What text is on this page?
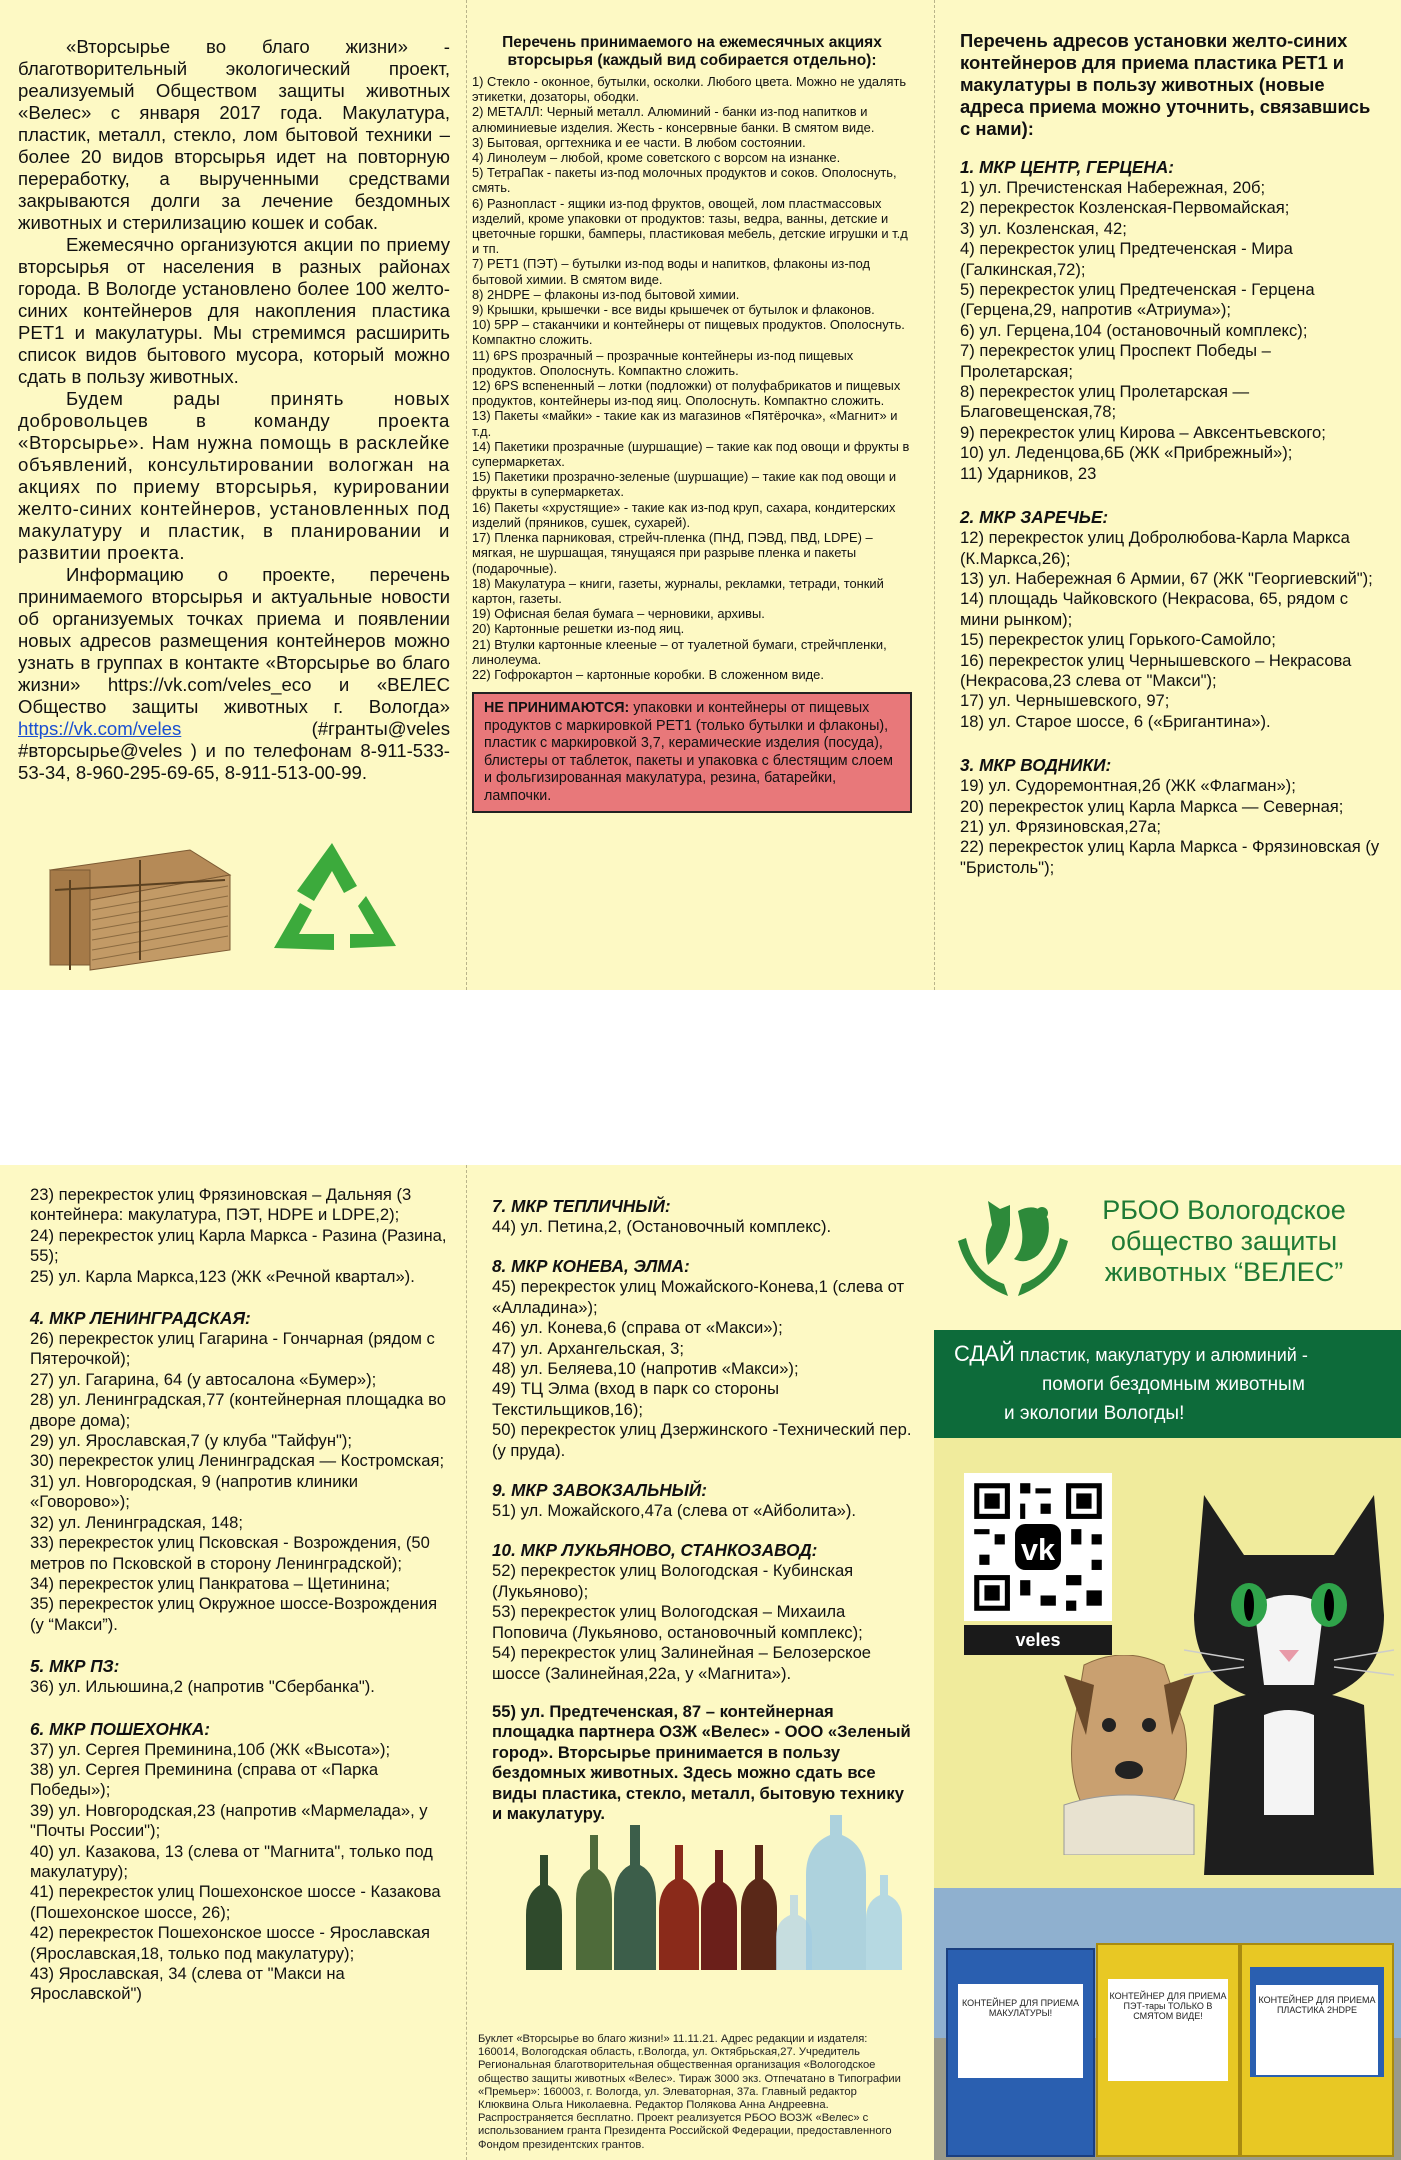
«Вторсырье во благо жизни» - благотворительный экологический проект, реализуемый Обществом защиты животных «Велес» с января 2017 года. Макулатура, пластик, металл, стекло, лом бытовой техники – более 20 видов вторсырья идет на повторную переработку, а вырученными средствами закрываются долги за лечение бездомных животных и стерилизацию кошек и собак.

Ежемесячно организуются акции по приему вторсырья от населения в разных районах города. В Вологде установлено более 100 желто-синих контейнеров для накопления пластика PET1 и макулатуры. Мы стремимся расширить список видов бытового мусора, который можно сдать в пользу животных.

Будем рады принять новых добровольцев в команду проекта «Вторсырье». Нам нужна помощь в расклейке объявлений, консультировании вологжан на акциях по приему вторсырья, курировании желто-синих контейнеров, установленных под макулатуру и пластик, в планировании и развитии проекта.

Информацию о проекте, перечень принимаемого вторсырья и актуальные новости об организуемых точках приема и появлении новых адресов размещения контейнеров можно узнать в группах в контакте «Вторсырье во благо жизни» https://vk.com/veles_eco и «ВЕЛЕС Общество защиты животных г. Вологда» https://vk.com/veles	(#гранты@veles #вторсырье@veles ) и по телефонам 8-911-533-53-34, 8-960-295-69-65, 8-911-513-00-99.

Перечень принимаемого на ежемесячных акциях вторсырья (каждый вид собирается отдельно):

1) Стекло - оконное, бутылки, осколки. Любого цвета. Можно не удалять этикетки, дозаторы, ободки.

2) МЕТАЛЛ: Черный металл. Алюминий - банки из-под напитков и алюминиевые изделия. Жесть - консервные банки. В смятом виде.

3) Бытовая, оргтехника и ее части. В любом состоянии.

4) Линолеум – любой, кроме советского с ворсом на изнанке.

5) ТетраПак - пакеты из-под молочных продуктов и соков. Ополоснуть, смять.

6) Разнопласт - ящики из-под фруктов, овощей, лом пластмассовых изделий, кроме упаковки от продуктов: тазы, ведра, ванны, детские и цветочные горшки, бамперы, пластиковая мебель, детские игрушки и т.д и тп.

7) PET1 (ПЭТ) – бутылки из-под воды и напитков, флаконы из-под бытовой химии. В смятом виде.

8) 2HDPE – флаконы из-под бытовой химии.

9) Крышки, крышечки - все виды крышечек от бутылок и флаконов.

10) 5PP – стаканчики и контейнеры от пищевых продуктов. Ополоснуть. Компактно сложить.

11) 6PS прозрачный – прозрачные контейнеры из-под пищевых продуктов. Ополоснуть. Компактно сложить.

12) 6PS вспененный – лотки (подложки) от полуфабрикатов и пищевых продуктов, контейнеры из-под яиц. Ополоснуть. Компактно сложить.

13) Пакеты «майки» - такие как из магазинов «Пятёрочка», «Магнит» и т.д.

14) Пакетики прозрачные (шуршащие) – такие как под овощи и фрукты в супермаркетах.

15) Пакетики прозрачно-зеленые (шуршащие) – такие как под овощи и фрукты в супермаркетах.

16) Пакеты «хрустящие» - такие как из-под круп, сахара, кондитерских изделий (пряников, сушек, сухарей).

17) Пленка парниковая, стрейч-пленка (ПНД, ПЭВД, ПВД, LDPE) – мягкая, не шуршащая, тянущаяся при разрыве пленка и пакеты (подарочные).

18) Макулатура – книги, газеты, журналы, рекламки, тетради, тонкий картон, газеты.

19) Офисная белая бумага – черновики, архивы.

20) Картонные решетки из-под яиц.

21) Втулки картонные клееные – от туалетной бумаги, стрейчпленки, линолеума.

22) Гофрокартон – картонные коробки. В сложенном виде.

НЕ ПРИНИМАЮТСЯ: упаковки и контейнеры от пищевых продуктов с маркировкой PET1 (только бутылки и флаконы), пластик с маркировкой 3,7, керамические изделия (посуда), блистеры от таблеток, пакеты и упаковка с блестящим слоем и фольгизированная макулатура, резина, батарейки, лампочки.

Перечень адресов установки желто-синих контейнеров для приема пластика PET1 и макулатуры в пользу животных (новые адреса приема можно уточнить, связавшись с нами):

1. МКР ЦЕНТР, ГЕРЦЕНА:

1) ул. Пречистенская Набережная, 20б;

2) перекресток Козленская-Первомайская;

3) ул. Козленская, 42;

4) перекресток улиц Предтеченская - Мира (Галкинская,72);

5) перекресток улиц Предтеченская - Герцена (Герцена,29, напротив «Атриума»);

6) ул. Герцена,104 (остановочный комплекс);

7) перекресток улиц Проспект Победы – Пролетарская;

8) перекресток улиц Пролетарская — Благовещенская,78;

9) перекресток улиц Кирова – Авксентьевского;

10) ул. Леденцова,6Б (ЖК «Прибрежный»);

11) Ударников, 23

2. МКР ЗАРЕЧЬЕ:

12) перекресток улиц Добролюбова-Карла Маркса (К.Маркса,26);

13) ул. Набережная 6 Армии, 67 (ЖК "Георгиевский");

14) площадь Чайковского (Некрасова, 65, рядом с мини рынком);

15) перекресток улиц Горького-Самойло;

16) перекресток улиц Чернышевского – Некрасова (Некрасова,23 слева от "Макси");

17) ул. Чернышевского, 97;

18) ул. Старое шоссе, 6 («Бригантина»).

3. МКР ВОДНИКИ:

19) ул. Судоремонтная,2б (ЖК «Флагман»);

20) перекресток улиц Карла Маркса — Северная;

21) ул. Фрязиновская,27а;

22) перекресток улиц Карла Маркса - Фрязиновская (у "Бристоль");

23) перекресток улиц Фрязиновская – Дальняя (3 контейнера: макулатура, ПЭТ, HDPE и LDPE,2);

24) перекресток улиц Карла Маркса - Разина (Разина, 55);

25) ул. Карла Маркса,123 (ЖК «Речной квартал»).

4. МКР ЛЕНИНГРАДСКАЯ:

26) перекресток улиц Гагарина - Гончарная (рядом с Пятерочкой);

27) ул. Гагарина, 64 (у автосалона «Бумер»);

28) ул. Ленинградская,77 (контейнерная площадка во дворе дома);

29) ул. Ярославская,7 (у клуба "Тайфун");

30) перекресток улиц Ленинградская — Костромская;

31) ул. Новгородская, 9 (напротив клиники «Говорово»);

32) ул. Ленинградская, 148;

33) перекресток улиц Псковская - Возрождения, (50 метров по Псковской в сторону Ленинградской);

34) перекресток улиц Панкратова – Щетинина;

35) перекресток улиц Окружное шоссе-Возрождения (у “Макси”).

5. МКР ПЗ:

36) ул. Ильюшина,2 (напротив "Сбербанка").

6. МКР ПОШЕХОНКА:

37) ул. Сергея Преминина,10б (ЖК «Высота»);

38) ул. Сергея Преминина (справа от «Парка Победы»);

39) ул. Новгородская,23 (напротив «Мармелада», у "Почты России");

40) ул. Казакова, 13 (слева от "Магнита", только под макулатуру);

41) перекресток улиц Пошехонское шоссе - Казакова (Пошехонское шоссе, 26);

42) перекресток Пошехонское шоссе - Ярославская (Ярославская,18, только под макулатуру);

43) Ярославская, 34 (слева от "Макси на Ярославской")

7. МКР ТЕПЛИЧНЫЙ:

44) ул. Петина,2, (Остановочный комплекс).

8. МКР КОНЕВА, ЭЛМА:

45) перекресток улиц Можайского-Конева,1 (слева от «Алладина»);

46) ул. Конева,6 (справа от «Макси»);

47) ул. Архангельская, 3;

48) ул. Беляева,10 (напротив «Макси»);

49) ТЦ Элма (вход в парк со стороны Текстильщиков,16);

50) перекресток улиц Дзержинского -Технический пер. (у пруда).

9. МКР ЗАВОКЗАЛЬНЫЙ:

51) ул. Можайского,47а (слева от «Айболита»).

10. МКР ЛУКЬЯНОВО, СТАНКОЗАВОД:

52) перекресток улиц Вологодская - Кубинская (Лукьяново);

53) перекресток улиц Вологодская – Михаила Поповича (Лукьяново, остановочный комплекс);

54) перекресток улиц Залинейная – Белозерское шоссе (Залинейная,22а, у «Магнита»).

55) ул. Предтеченская, 87 – контейнерная площадка партнера ОЗЖ «Велес» - ООО «Зеленый город». Вторсырье принимается в пользу бездомных животных. Здесь можно сдать все виды пластика, стекло, металл, бытовую технику и макулатуру.

Буклет «Вторсырье во благо жизни!» 11.11.21. Адрес редакции и издателя: 160014, Вологодская область, г.Вологда, ул. Октябрьская,27. Учредитель Региональная благотворительная общественная организация «Вологодское общество защиты животных «Велес». Тираж 3000 экз. Отпечатано в Типографии «Премьер»: 160003, г. Вологда, ул. Элеваторная, 37а. Главный редактор Клюквина Ольга Николаевна. Редактор Полякова Анна Андреевна. Распространяется бесплатно. Проект реализуется РБОО ВОЗЖ «Велес» с использованием гранта Президента Российской Федерации, предоставленного Фондом президентских грантов.
РБОО Вологодское
общество защиты
животных “ВЕЛЕС”
СДАЙ пластик, макулатуру и алюминий -
помоги бездомным животным
и экологии Вологды!
vk
veles
КОНТЕЙНЕР ДЛЯ ПРИЕМА МАКУЛАТУРЫ!
КОНТЕЙНЕР ДЛЯ ПРИЕМА ПЭТ-тары ТОЛЬКО В СМЯТОМ ВИДЕ!
КОНТЕЙНЕР ДЛЯ ПРИЕМА ПЛАСТИКА 2HDPE
